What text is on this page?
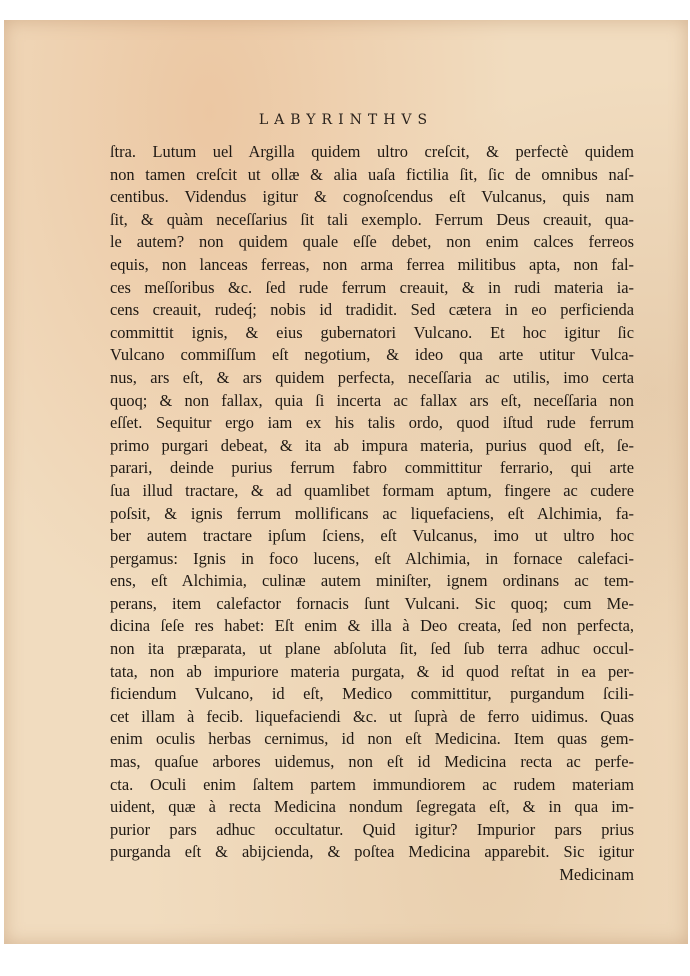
LABYRINTHVS
ſtra. Lutum uel Argilla quidem ultro creſcit, & perfectè quidem
non tamen creſcit ut ollæ & alia uaſa fictilia ſit, ſic de omnibus naſ-
centibus. Videndus igitur & cognoſcendus eſt Vulcanus, quis nam
ſit, & quàm neceſſarius ſit tali exemplo. Ferrum Deus creauit, qua-
le autem? non quidem quale eſſe debet, non enim calces ferreos
equis, non lanceas ferreas, non arma ferrea militibus apta, non fal-
ces meſſoribus &c. ſed rude ferrum creauit, & in rudi materia ia-
cens creauit, rudeq́; nobis id tradidit. Sed cætera in eo perficienda
committit ignis, & eius gubernatori Vulcano. Et hoc igitur ſic
Vulcano commiſſum eſt negotium, & ideo qua arte utitur Vulca-
nus, ars eſt, & ars quidem perfecta, neceſſaria ac utilis, imo certa
quoq; & non fallax, quia ſi incerta ac fallax ars eſt, neceſſaria non
eſſet. Sequitur ergo iam ex his talis ordo, quod iſtud rude ferrum
primo purgari debeat, & ita ab impura materia, purius quod eſt, ſe-
parari, deinde purius ferrum fabro committitur ferrario, qui arte
ſua illud tractare, & ad quamlibet formam aptum, fingere ac cudere
poſsit, & ignis ferrum mollificans ac liquefaciens, eſt Alchimia, fa-
ber autem tractare ipſum ſciens, eſt Vulcanus, imo ut ultro hoc
pergamus: Ignis in foco lucens, eſt Alchimia, in fornace calefaci-
ens, eſt Alchimia, culinæ autem miniſter, ignem ordinans ac tem-
perans, item calefactor fornacis ſunt Vulcani. Sic quoq; cum Me-
dicina ſeſe res habet: Eſt enim & illa à Deo creata, ſed non perfecta,
non ita præparata, ut plane abſoluta ſit, ſed ſub terra adhuc occul-
tata, non ab impuriore materia purgata, & id quod reſtat in ea per-
ficiendum Vulcano, id eſt, Medico committitur, purgandum ſcili-
cet illam à fecib. liquefaciendi &c. ut ſuprà de ferro uidimus. Quas
enim oculis herbas cernimus, id non eſt Medicina. Item quas gem-
mas, quaſue arbores uidemus, non eſt id Medicina recta ac perfe-
cta. Oculi enim ſaltem partem immundiorem ac rudem materiam
uident, quæ à recta Medicina nondum ſegregata eſt, & in qua im-
purior pars adhuc occultatur. Quid igitur? Impurior pars prius
purganda eſt & abijcienda, & poſtea Medicina apparebit. Sic igitur
Medicinam
